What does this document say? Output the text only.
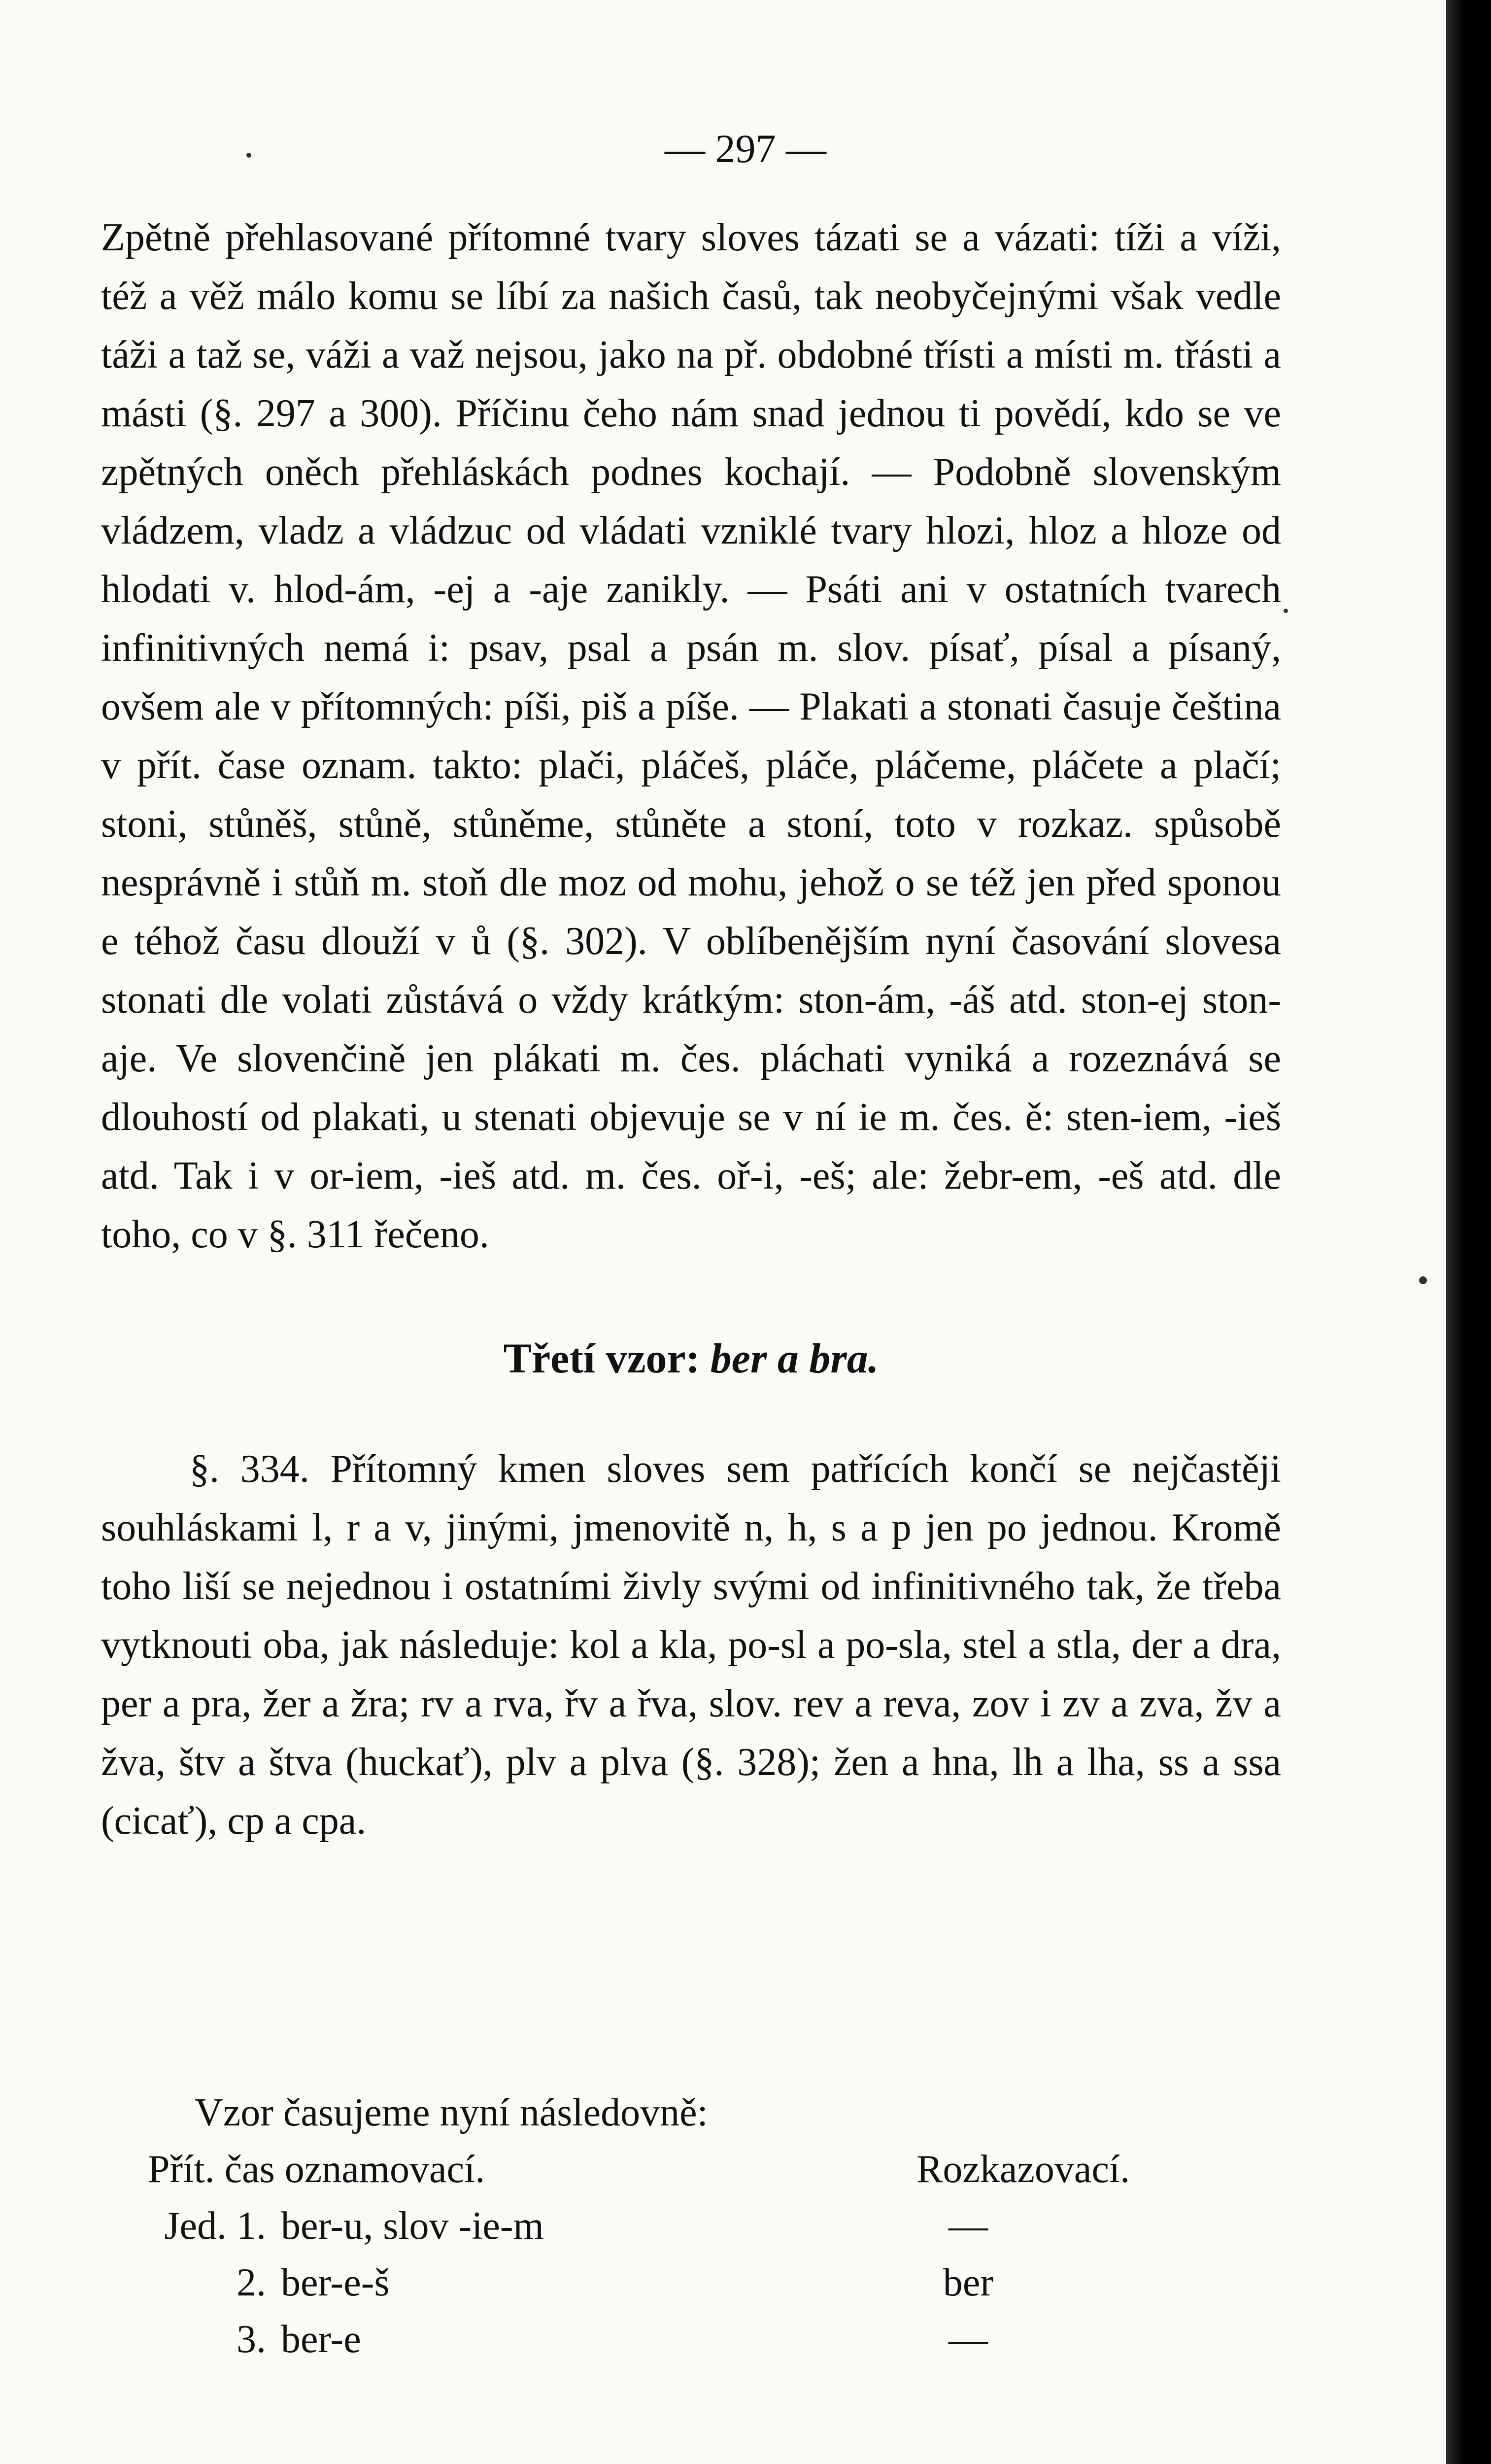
— 297 —

Zpětně přehlasované přítomné tvary sloves tázati se a vázati: tíži a víži, též a věž málo komu se líbí za našich časů, tak neobyčejnými však vedle táži a taž se, váži a važ nejsou, jako na př. obdobné třísti a místi m. třásti a másti (§. 297 a 300). Příčinu čeho nám snad jednou ti povědí, kdo se ve zpětných oněch přehláskách podnes kochají. — Podobně slovenským vládzem, vladz a vládzuc od vládati vzniklé tvary hlozi, hloz a hloze od hlodati v. hlod-ám, -ej a -aje zanikly. — Psáti ani v ostatních tvarech infinitivných nemá i: psav, psal a psán m. slov. písať, písal a písaný, ovšem ale v přítomných: píši, piš a píše. — Plakati a stonati časuje čeština v přít. čase oznam. takto: plači, pláčeš, pláče, pláčeme, pláčete a plačí; stoni, stůněš, stůně, stůněme, stůněte a stoní, toto v rozkaz. spůsobě nesprávně i stůň m. stoň dle moz od mohu, jehož o se též jen před sponou e téhož času dlouží v ů (§. 302). V oblíbenějším nyní časování slovesa stonati dle volati zůstává o vždy krátkým: ston-ám, -áš atd. ston-ej ston-aje. Ve slovenčině jen plákati m. čes. pláchati vyniká a rozeznává se dlouhostí od plakati, u stenati objevuje se v ní ie m. čes. ě: sten-iem, -ieš atd. Tak i v or-iem, -ieš atd. m. čes. oř-i, -eš; ale: žebr-em, -eš atd. dle toho, co v §. 311 řečeno.

Třetí vzor: ber a bra.

§. 334. Přítomný kmen sloves sem patřících končí se nejčastěji souhláskami l, r a v, jinými, jmenovitě n, h, s a p jen po jednou. Kromě toho liší se nejednou i ostatními živly svými od infinitivného tak, že třeba vytknouti oba, jak následuje: kol a kla, po-sl a po-sla, stel a stla, der a dra, per a pra, žer a žra; rv a rva, řv a řva, slov. rev a reva, zov i zv a zva, žv a žva, štv a štva (huckať), plv a plva (§. 328); žen a hna, lh a lha, ss a ssa (cicať), cp a cpa.

Vzor časujeme nyní následovně:
Přít. čas oznamovací.	Rozkazovací.
Jed. 1. ber-u, slov -ie-m	—
2. ber-e-š	ber
3. ber-e	—
